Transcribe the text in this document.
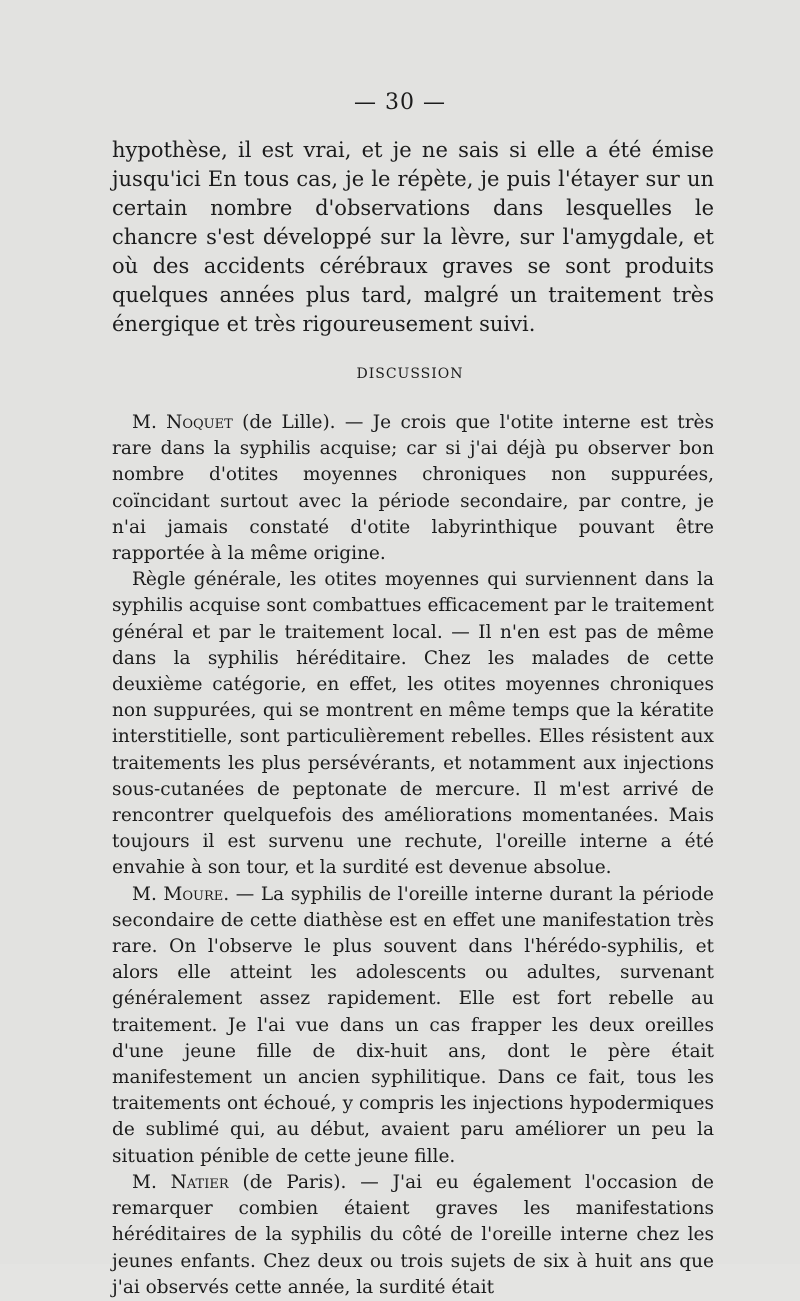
— 30 —

hypothèse, il est vrai, et je ne sais si elle a été émise jusqu'ici En tous cas, je le répète, je puis l'étayer sur un certain nombre d'observations dans lesquelles le chancre s'est développé sur la lèvre, sur l'amygdale, et où des accidents cérébraux graves se sont produits quelques années plus tard, malgré un traitement très énergique et très rigoureusement suivi.

DISCUSSION

M. Noquet (de Lille). — Je crois que l'otite interne est très rare dans la syphilis acquise; car si j'ai déjà pu observer bon nombre d'otites moyennes chroniques non suppurées, coïncidant surtout avec la période secondaire, par contre, je n'ai jamais constaté d'otite labyrinthique pouvant être rapportée à la même origine.

Règle générale, les otites moyennes qui surviennent dans la syphilis acquise sont combattues efficacement par le traitement général et par le traitement local. — Il n'en est pas de même dans la syphilis héréditaire. Chez les malades de cette deuxième catégorie, en effet, les otites moyennes chroniques non suppurées, qui se montrent en même temps que la kératite interstitielle, sont particulièrement rebelles. Elles résistent aux traitements les plus persévérants, et notamment aux injections sous-cutanées de peptonate de mercure. Il m'est arrivé de rencontrer quelquefois des améliorations momentanées. Mais toujours il est survenu une rechute, l'oreille interne a été envahie à son tour, et la surdité est devenue absolue.

M. Moure. — La syphilis de l'oreille interne durant la période secondaire de cette diathèse est en effet une manifestation très rare. On l'observe le plus souvent dans l'hérédo-syphilis, et alors elle atteint les adolescents ou adultes, survenant généralement assez rapidement. Elle est fort rebelle au traitement. Je l'ai vue dans un cas frapper les deux oreilles d'une jeune fille de dix-huit ans, dont le père était manifestement un ancien syphilitique. Dans ce fait, tous les traitements ont échoué, y compris les injections hypodermiques de sublimé qui, au début, avaient paru améliorer un peu la situation pénible de cette jeune fille.

M. Natier (de Paris). — J'ai eu également l'occasion de remarquer combien étaient graves les manifestations héréditaires de la syphilis du côté de l'oreille interne chez les jeunes enfants. Chez deux ou trois sujets de six à huit ans que j'ai observés cette année, la surdité était
